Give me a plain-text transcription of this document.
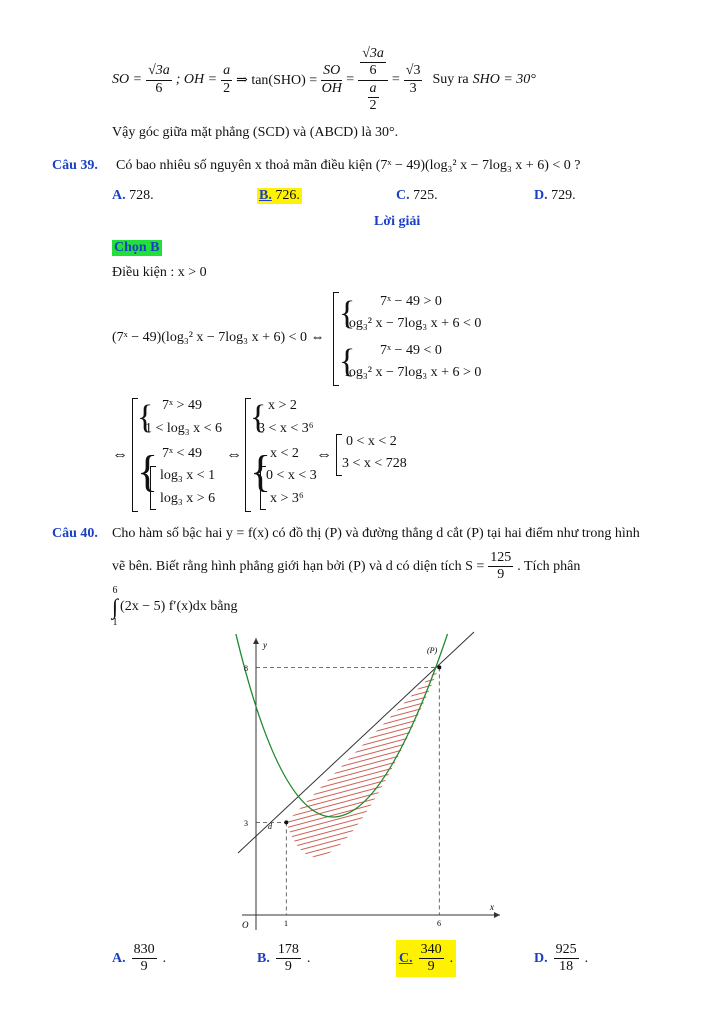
SO = $\frac{√3a}{6}$ ; OH = $\frac{a}{2}$ ⇒ $\tan(SHO) = \frac{SO}{OH} = \frac{\frac{√3a}{6}}{\frac{a}{2}} = \frac{√3}{3}$ Suy ra SHO = 30°
Vậy góc giữa mặt phẳng (SCD) và (ABCD) là 30°.
Câu 39. Có bao nhiêu số nguyên x thoả mãn điều kiện (7ˣ − 49)(log₃² x − 7log₃ x + 6) < 0 ?
A. 728.	B. 726.	C. 725.	D. 729.
Lời giải
Chọn B
Điều kiện : x > 0
(7ˣ − 49)(log₃² x − 7log₃ x + 6) < 0 ⇔
{ 7ˣ − 49 > 0
log₃² x − 7log₃ x + 6 < 0
{ 7ˣ − 49 < 0
log₃² x − 7log₃ x + 6 > 0
⇔
{ 7ˣ > 49
1 < log₃ x < 6
{ 7ˣ < 49
log₃ x < 1
log₃ x > 6
⇔
{ x > 2
3 < x < 3⁶
{
x < 2
0 < x < 3
x > 3⁶
⇔
0 < x < 2
3 < x < 728
Câu 40. Cho hàm số bậc hai y = f(x) có đồ thị (P) và đường thẳng d cắt (P) tại hai điểm như trong hình
vẽ bên. Biết rằng hình phẳng giới hạn bởi (P) và d có diện tích $S = \frac{125}{9}$ . Tích phân
6
∫
1
(2x − 5) f′(x)dx bằng
y
x
O
(P)
d
8
3
1	6
A. $\frac{830}{9}$ .	B. $\frac{178}{9}$ .	C. $\frac{340}{9}$ .	D. $\frac{925}{18}$ .
